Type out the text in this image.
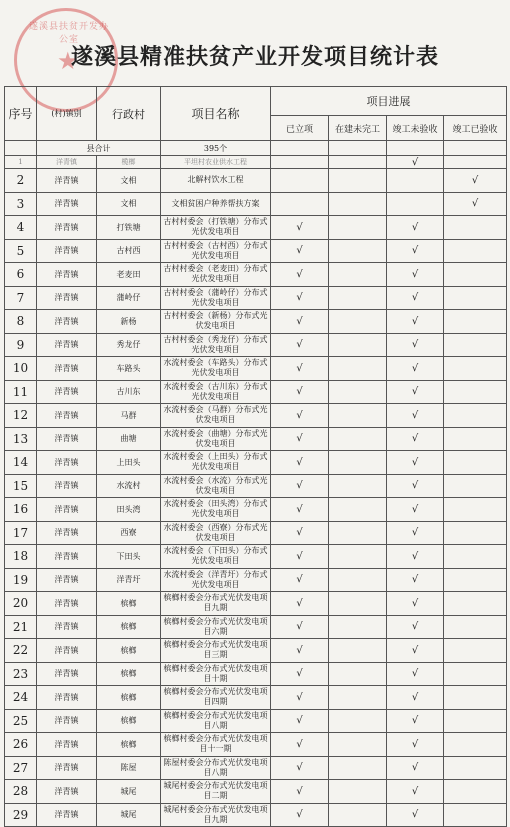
遂溪县扶贫开发办公室
★
遂溪县精准扶贫产业开发项目统计表
序号	(村)镇别	行政村	项目名称	项目进展			
				已立项	在建未完工	竣工未验收	竣工已验收
	县合计		395个				
1	洋青镇	榄榔	平坦村农业供水工程			√	
2	洋青镇	文相	北解村饮水工程				√
3	洋青镇	文相	文相贫困户种养帮扶方案				√
4	洋青镇	打铁塘	古村村委会（打铁塘）分布式光伏发电项目	√		√	
5	洋青镇	古村西	古村村委会（古村西）分布式光伏发电项目	√		√	
6	洋青镇	老麦田	古村村委会（老麦田）分布式光伏发电项目	√		√	
7	洋青镇	蒲岭仔	古村村委会（蒲岭仔）分布式光伏发电项目	√		√	
8	洋青镇	新杨	古村村委会（新杨）分布式光伏发电项目	√		√	
9	洋青镇	秀龙仔	古村村委会（秀龙仔）分布式光伏发电项目	√		√	
10	洋青镇	车路头	水流村委会（车路头）分布式光伏发电项目	√		√	
11	洋青镇	古川东	水流村委会（古川东）分布式光伏发电项目	√		√	
12	洋青镇	马群	水流村委会（马群）分布式光伏发电项目	√		√	
13	洋青镇	曲塘	水流村委会（曲塘）分布式光伏发电项目	√		√	
14	洋青镇	上田头	水流村委会（上田头）分布式光伏发电项目	√		√	
15	洋青镇	水流村	水流村委会（水流）分布式光伏发电项目	√		√	
16	洋青镇	田头湾	水流村委会（田头湾）分布式光伏发电项目	√		√	
17	洋青镇	西寮	水流村委会（西寮）分布式光伏发电项目	√		√	
18	洋青镇	下田头	水流村委会（下田头）分布式光伏发电项目	√		√	
19	洋青镇	洋青圩	水流村委会（洋青圩）分布式光伏发电项目	√		√	
20	洋青镇	槟榔	槟榔村委会分布式光伏发电项目九期	√		√	
21	洋青镇	槟榔	槟榔村委会分布式光伏发电项目六期	√		√	
22	洋青镇	槟榔	槟榔村委会分布式光伏发电项目三期	√		√	
23	洋青镇	槟榔	槟榔村委会分布式光伏发电项目十期	√		√	
24	洋青镇	槟榔	槟榔村委会分布式光伏发电项目四期	√		√	
25	洋青镇	槟榔	槟榔村委会分布式光伏发电项目八期	√		√	
26	洋青镇	槟榔	槟榔村委会分布式光伏发电项目十一期	√		√	
27	洋青镇	陈屋	陈屋村委会分布式光伏发电项目八期	√		√	
28	洋青镇	城尾	城尾村委会分布式光伏发电项目二期	√		√	
29	洋青镇	城尾	城尾村委会分布式光伏发电项目九期	√		√	
